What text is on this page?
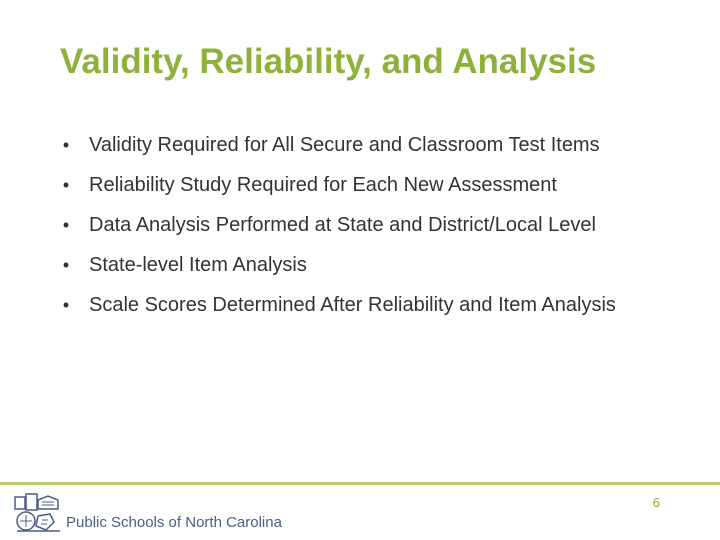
Validity, Reliability, and Analysis
• Validity Required for All Secure and Classroom Test Items
• Reliability Study Required for Each New Assessment
• Data Analysis Performed at State and District/Local Level
• State-level Item Analysis
• Scale Scores Determined After Reliability and Item Analysis
Public Schools of North Carolina
6
